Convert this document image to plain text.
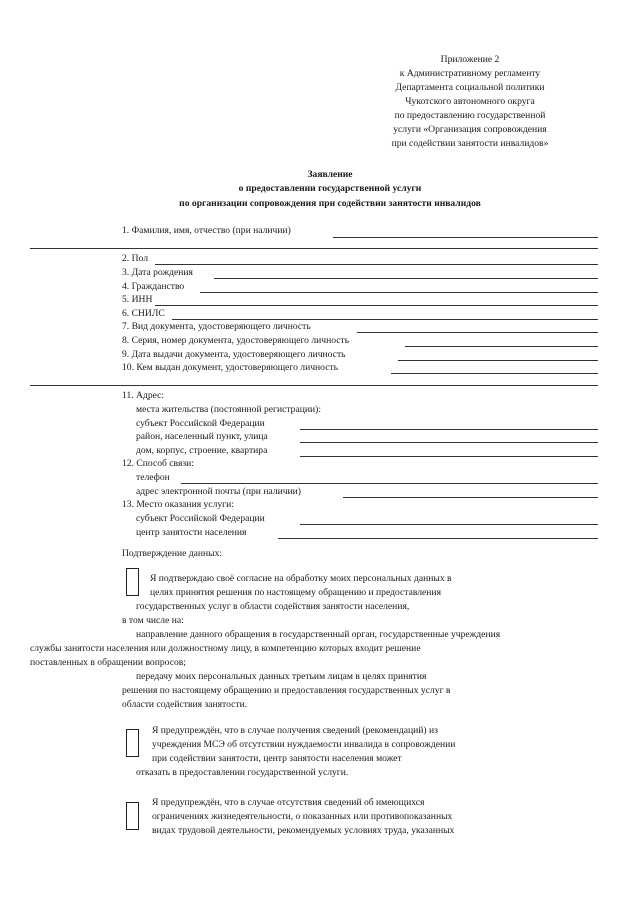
Приложение 2
к Административному регламенту
Департамента социальной политики
Чукотского автономного округа
по предоставлению государственной
услуги «Организация сопровождения
при содействии занятости инвалидов»
Заявление
о предоставлении государственной услуги
по организации сопровождения при содействии занятости инвалидов
1. Фамилия, имя, отчество (при наличии)
2. Пол
3. Дата рождения
4. Гражданство
5. ИНН
6. СНИЛС
7. Вид документа, удостоверяющего личность
8. Серия, номер документа, удостоверяющего личность
9. Дата выдачи документа, удостоверяющего личность
10. Кем выдан документ, удостоверяющего личность
11. Адрес:
места жительства (постоянной регистрации):
субъект Российской Федерации
район, населенный пункт, улица
дом, корпус, строение, квартира
12. Способ связи:
телефон
адрес электронной почты (при наличии)
13. Место оказания услуги:
субъект Российской Федерации
центр занятости населения
Подтверждение данных:
Я подтверждаю своё согласие на обработку моих персональных данных в
целях принятия решения по настоящему обращению и предоставления
государственных услуг в области содействия занятости населения,
в том числе на:
направление данного обращения в государственный орган, государственные учреждения
службы занятости населения или должностному лицу, в компетенцию которых входит решение
поставленных в обращении вопросов;
передачу моих персональных данных третьим лицам в целях принятия
решения по настоящему обращению и предоставления государственных услуг в
области содействия занятости.
Я предупреждён, что в случае получения сведений (рекомендаций) из
учреждения МСЭ об отсутствии нуждаемости инвалида в сопровождении
при содействии занятости, центр занятости населения может
отказать в предоставлении государственной услуги.
Я предупреждён, что в случае отсутствия сведений об имеющихся
ограничениях жизнедеятельности, о показанных или противопоказанных
видах трудовой деятельности, рекомендуемых условиях труда, указанных
